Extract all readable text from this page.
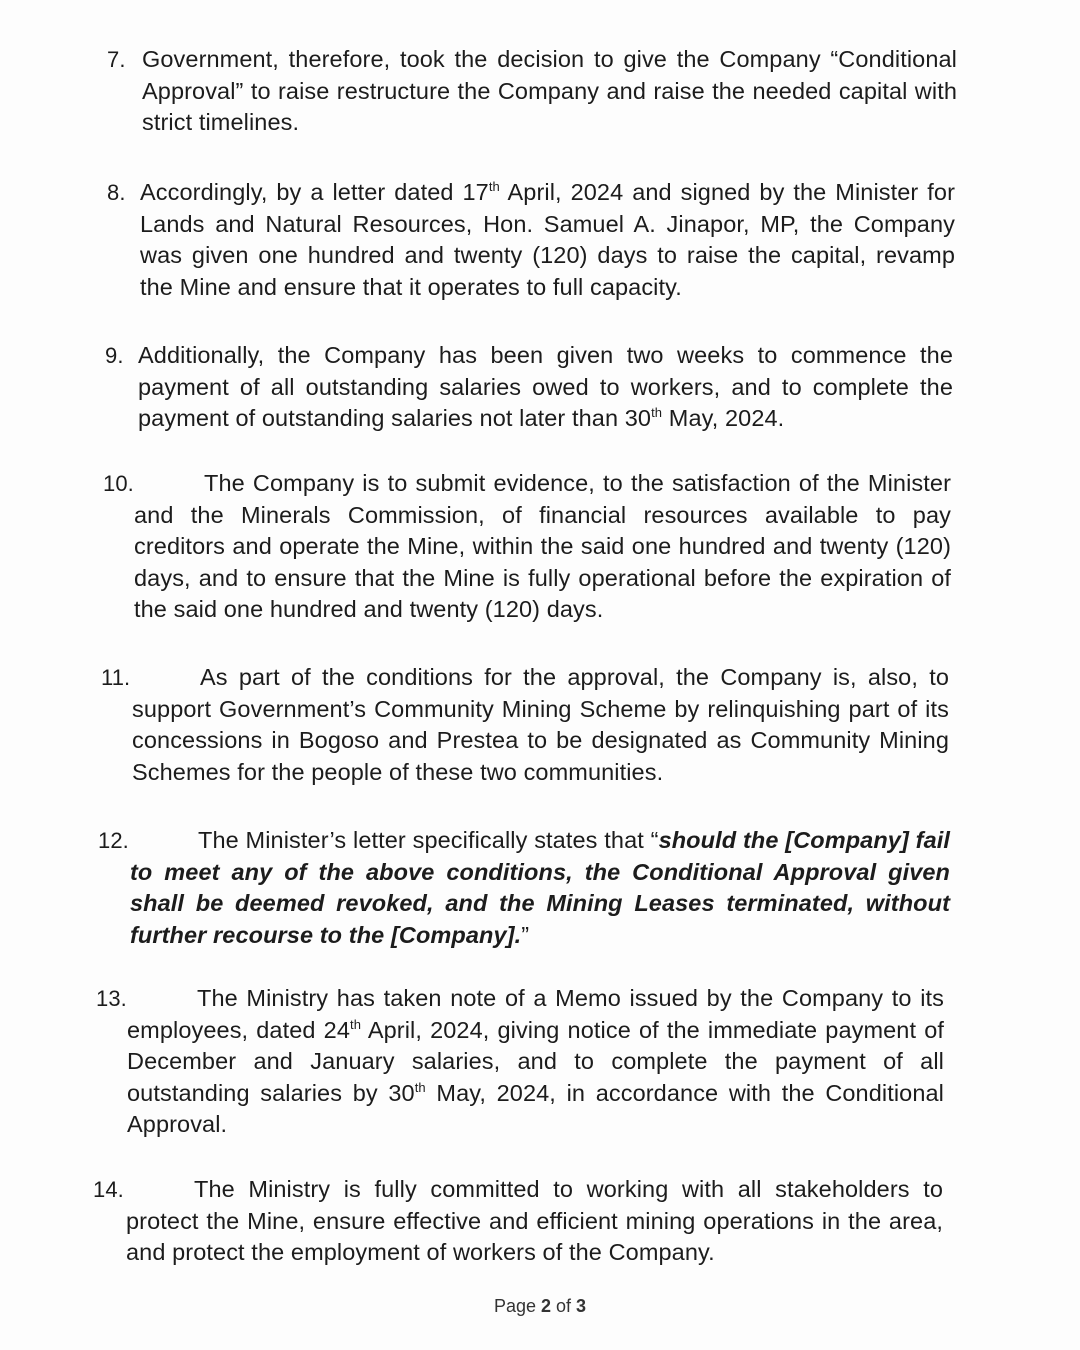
7. Government, therefore, took the decision to give the Company “Conditional Approval” to raise restructure the Company and raise the needed capital with strict timelines.
8. Accordingly, by a letter dated 17th April, 2024 and signed by the Minister for Lands and Natural Resources, Hon. Samuel A. Jinapor, MP, the Company was given one hundred and twenty (120) days to raise the capital, revamp the Mine and ensure that it operates to full capacity.
9. Additionally, the Company has been given two weeks to commence the payment of all outstanding salaries owed to workers, and to complete the payment of outstanding salaries not later than 30th May, 2024.
10.	The Company is to submit evidence, to the satisfaction of the Minister and the Minerals Commission, of financial resources available to pay creditors and operate the Mine, within the said one hundred and twenty (120) days, and to ensure that the Mine is fully operational before the expiration of the said one hundred and twenty (120) days.
11.	As part of the conditions for the approval, the Company is, also, to support Government’s Community Mining Scheme by relinquishing part of its concessions in Bogoso and Prestea to be designated as Community Mining Schemes for the people of these two communities.
12.	The Minister’s letter specifically states that “should the [Company] fail to meet any of the above conditions, the Conditional Approval given shall be deemed revoked, and the Mining Leases terminated, without further recourse to the [Company].”
13.	The Ministry has taken note of a Memo issued by the Company to its employees, dated 24th April, 2024, giving notice of the immediate payment of December and January salaries, and to complete the payment of all outstanding salaries by 30th May, 2024, in accordance with the Conditional Approval.
14.	The Ministry is fully committed to working with all stakeholders to protect the Mine, ensure effective and efficient mining operations in the area, and protect the employment of workers of the Company.
Page 2 of 3
